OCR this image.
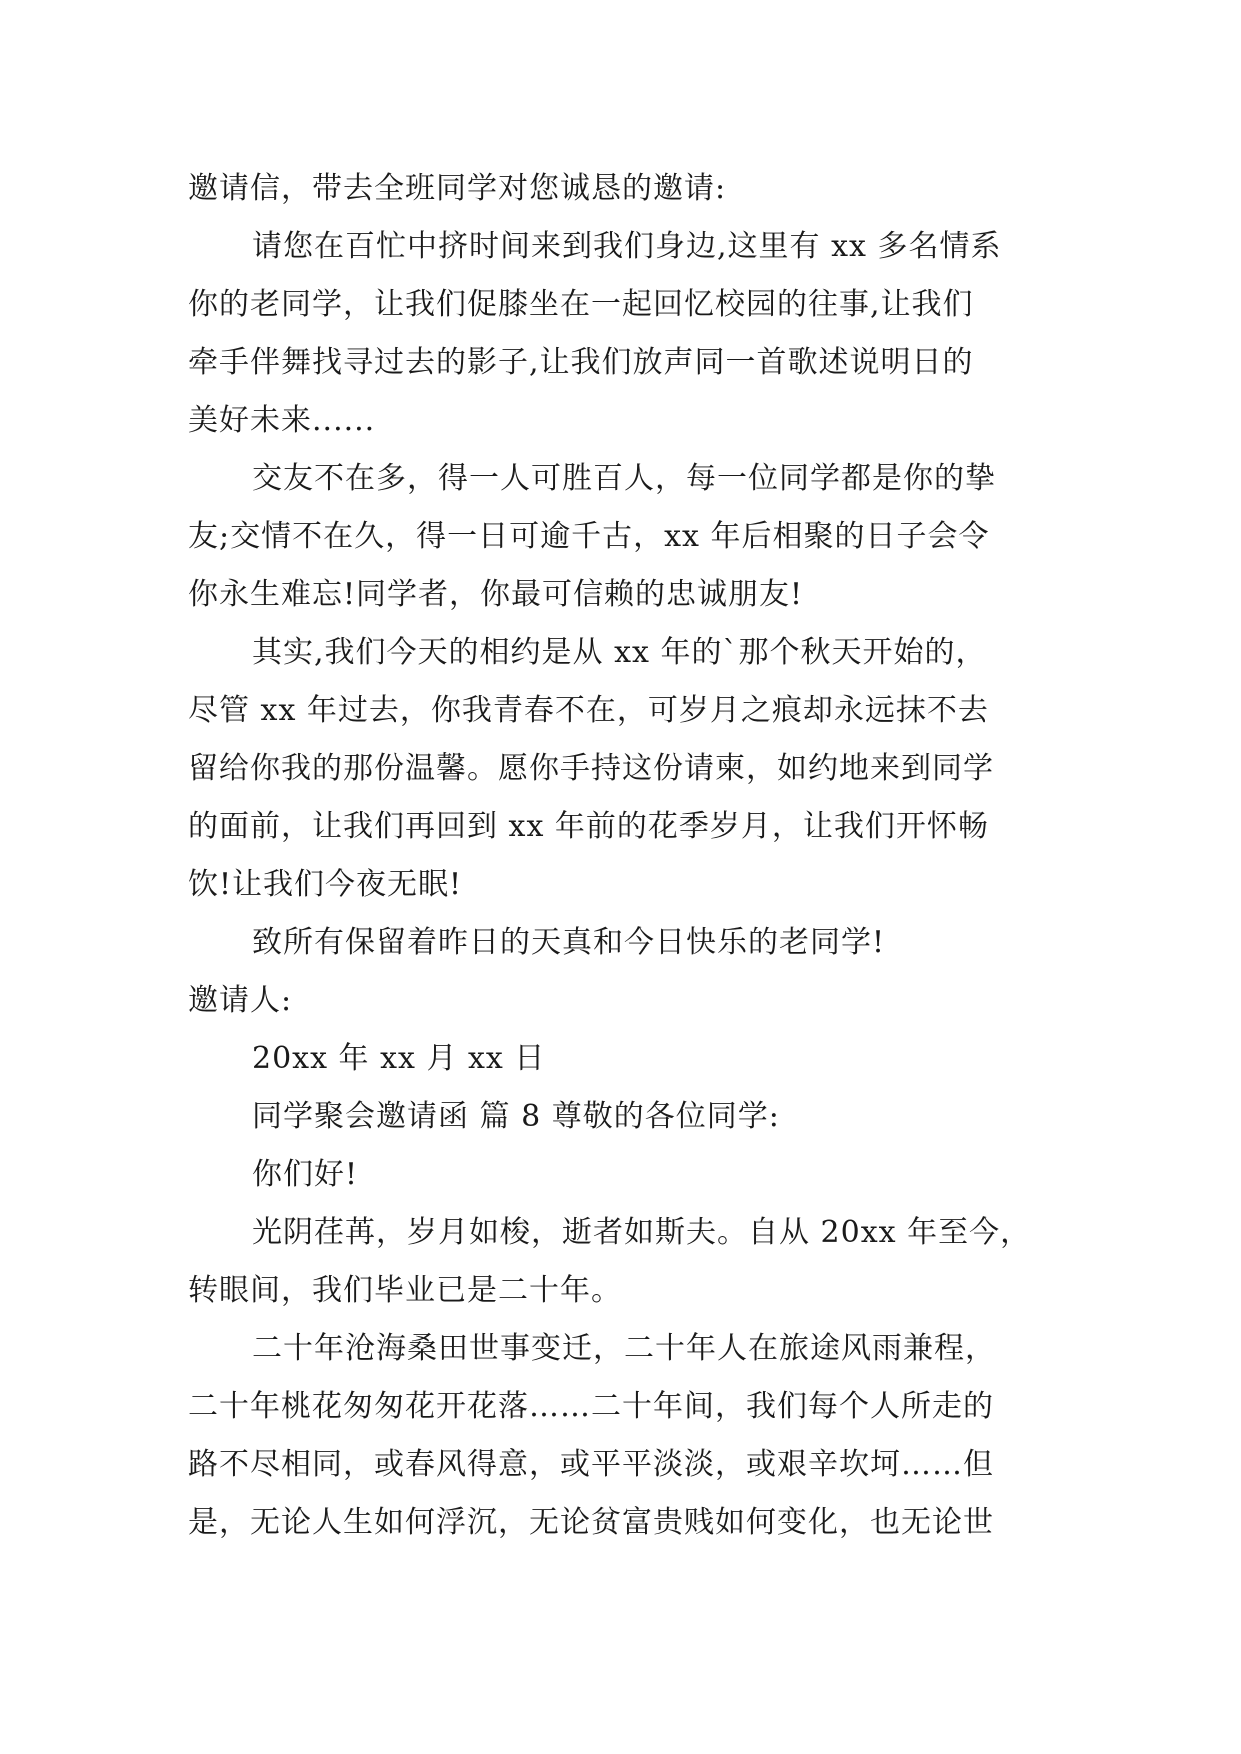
邀请信，带去全班同学对您诚恳的邀请:
请您在百忙中挤时间来到我们身边,这里有 xx 多名情系
你的老同学，让我们促膝坐在一起回忆校园的往事,让我们
牵手伴舞找寻过去的影子,让我们放声同一首歌述说明日的
美好未来......
交友不在多，得一人可胜百人，每一位同学都是你的挚
友;交情不在久，得一日可逾千古，xx 年后相聚的日子会令
你永生难忘!同学者，你最可信赖的忠诚朋友!
其实,我们今天的相约是从 xx 年的`那个秋天开始的，
尽管 xx 年过去，你我青春不在，可岁月之痕却永远抹不去
留给你我的那份温馨。愿你手持这份请柬，如约地来到同学
的面前，让我们再回到 xx 年前的花季岁月，让我们开怀畅
饮!让我们今夜无眠!
致所有保留着昨日的天真和今日快乐的老同学!
邀请人:
20xx 年 xx 月 xx 日
同学聚会邀请函 篇 8 尊敬的各位同学:
你们好!
光阴荏苒，岁月如梭，逝者如斯夫。自从 20xx 年至今，
转眼间，我们毕业已是二十年。
二十年沧海桑田世事变迁，二十年人在旅途风雨兼程，
二十年桃花匆匆花开花落……二十年间，我们每个人所走的
路不尽相同，或春风得意，或平平淡淡，或艰辛坎坷……但
是，无论人生如何浮沉，无论贫富贵贱如何变化，也无论世
